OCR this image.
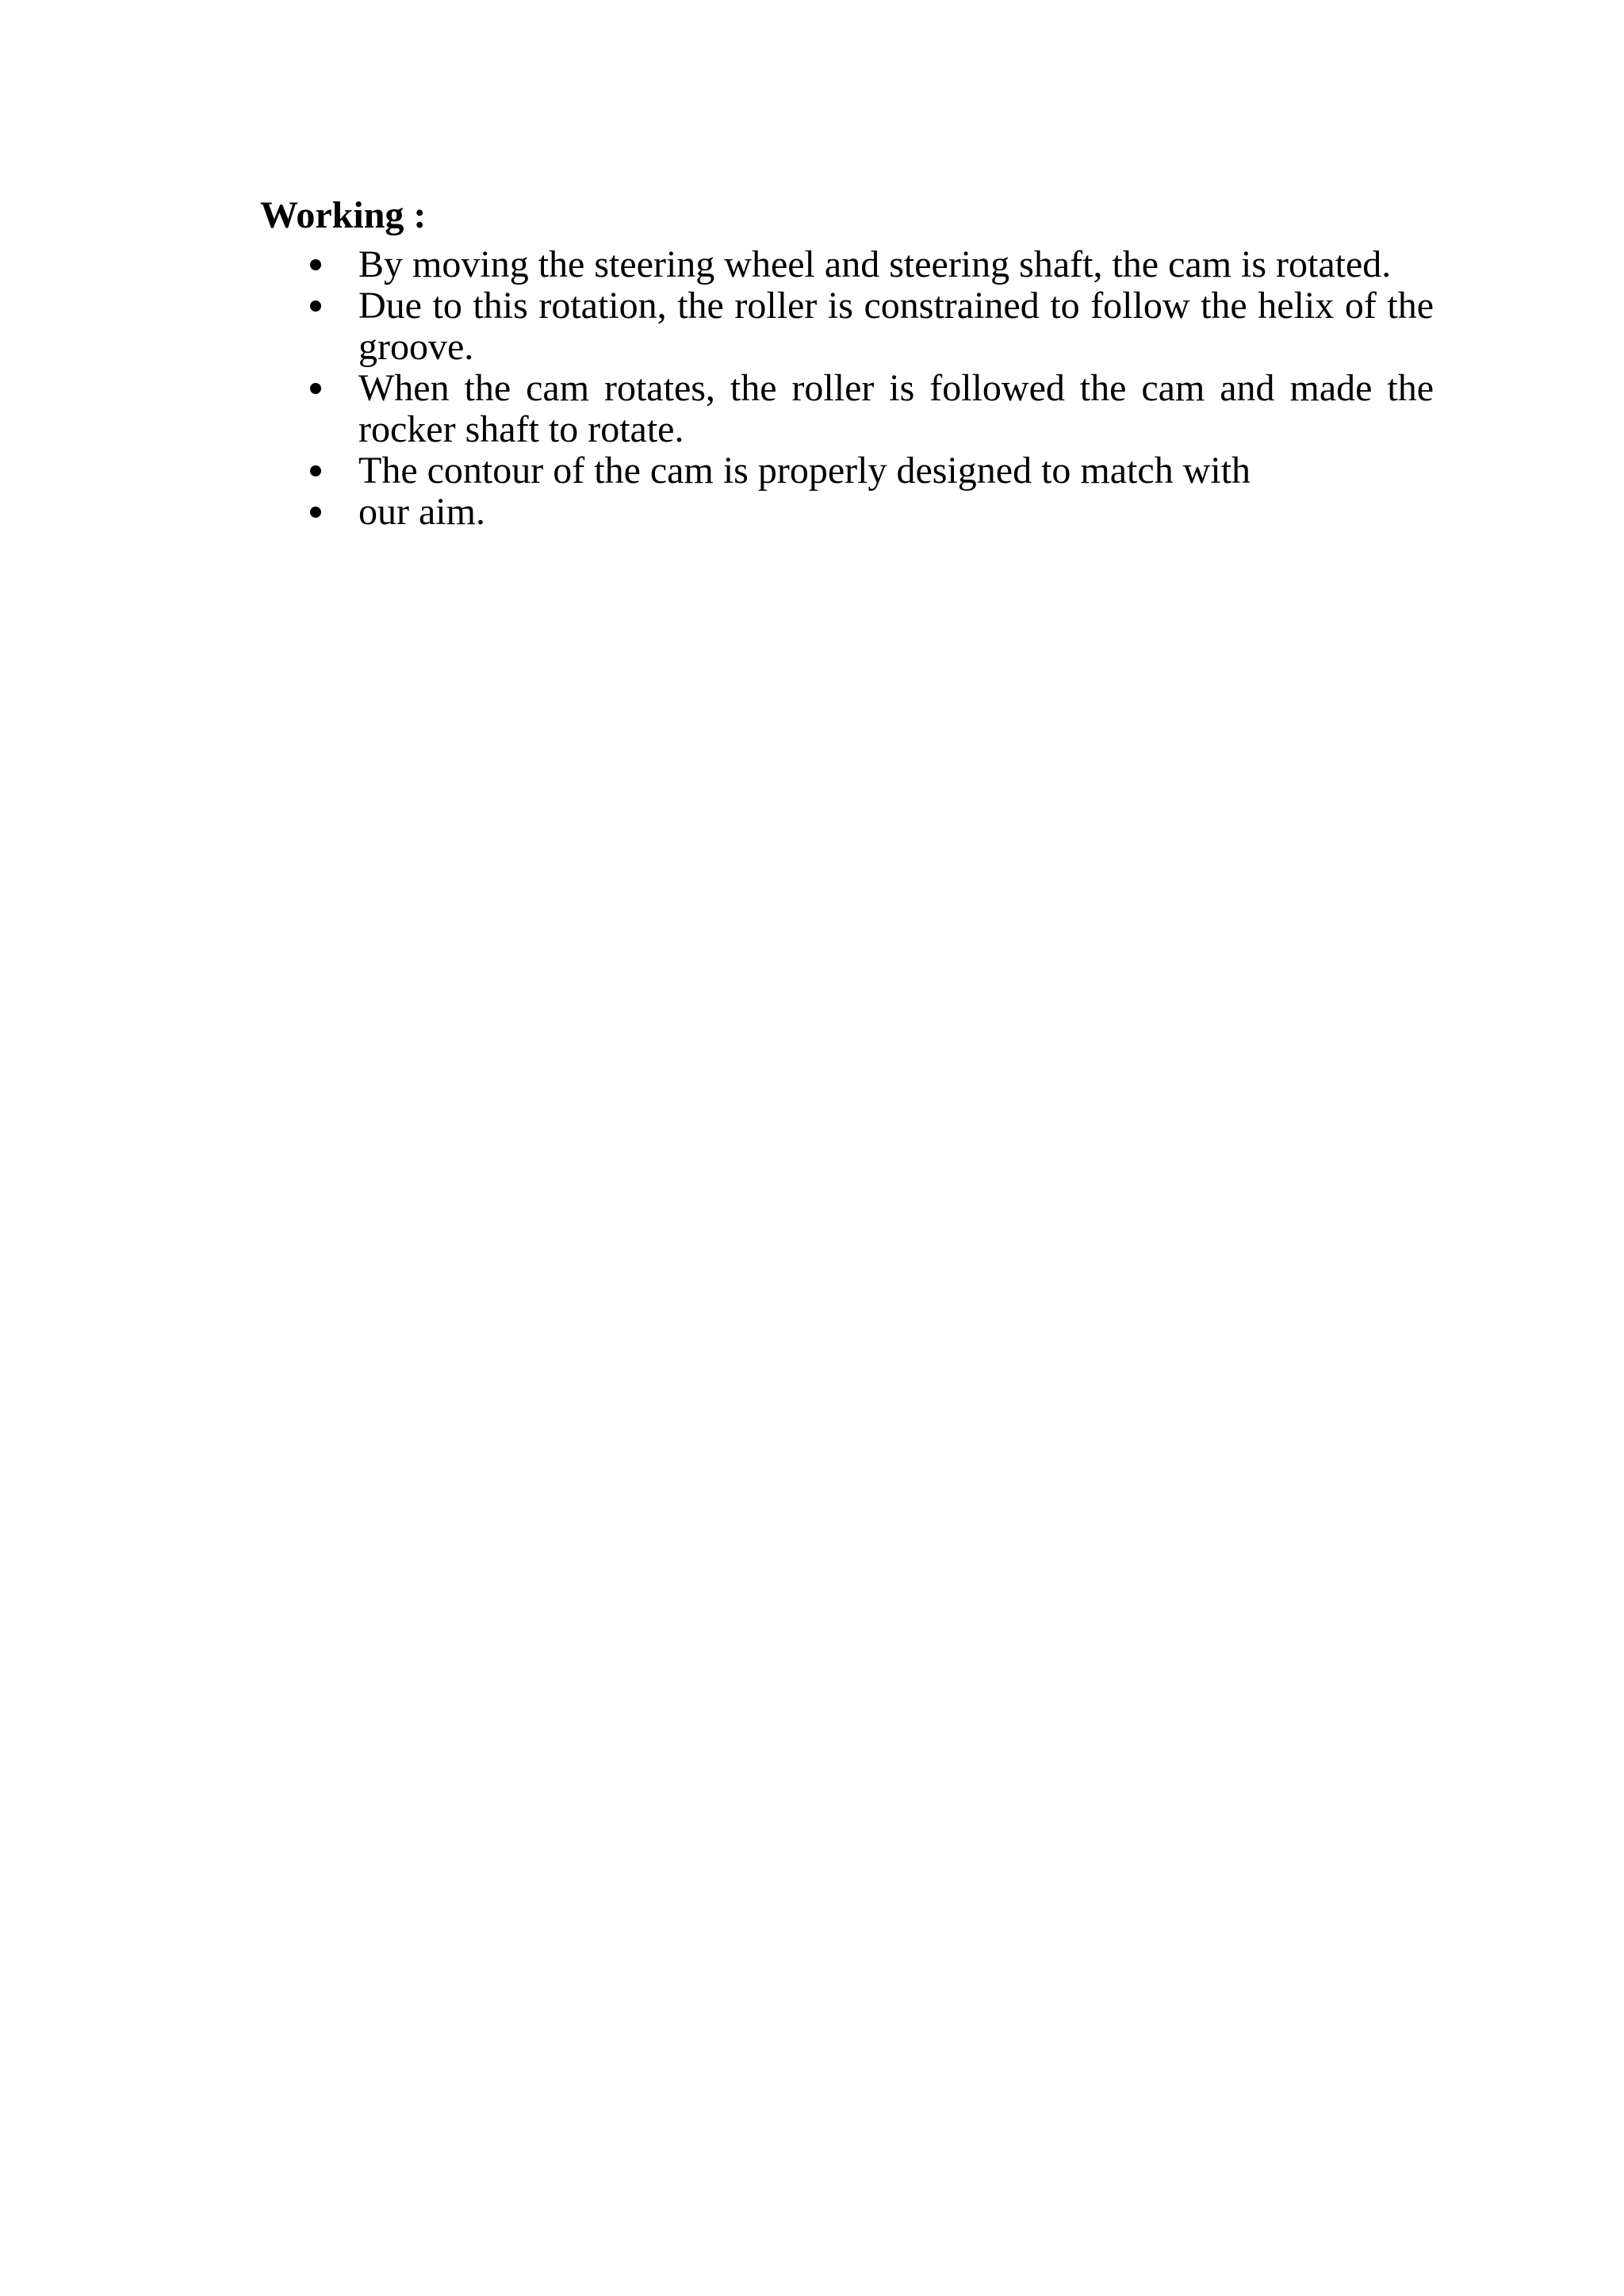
Working :
By moving the steering wheel and steering shaft, the cam is rotated.
Due to this rotation, the roller is constrained to follow the helix of the groove.
When the cam rotates, the roller is followed the cam and made the rocker shaft to rotate.
The contour of the cam is properly designed to match with
our aim.
